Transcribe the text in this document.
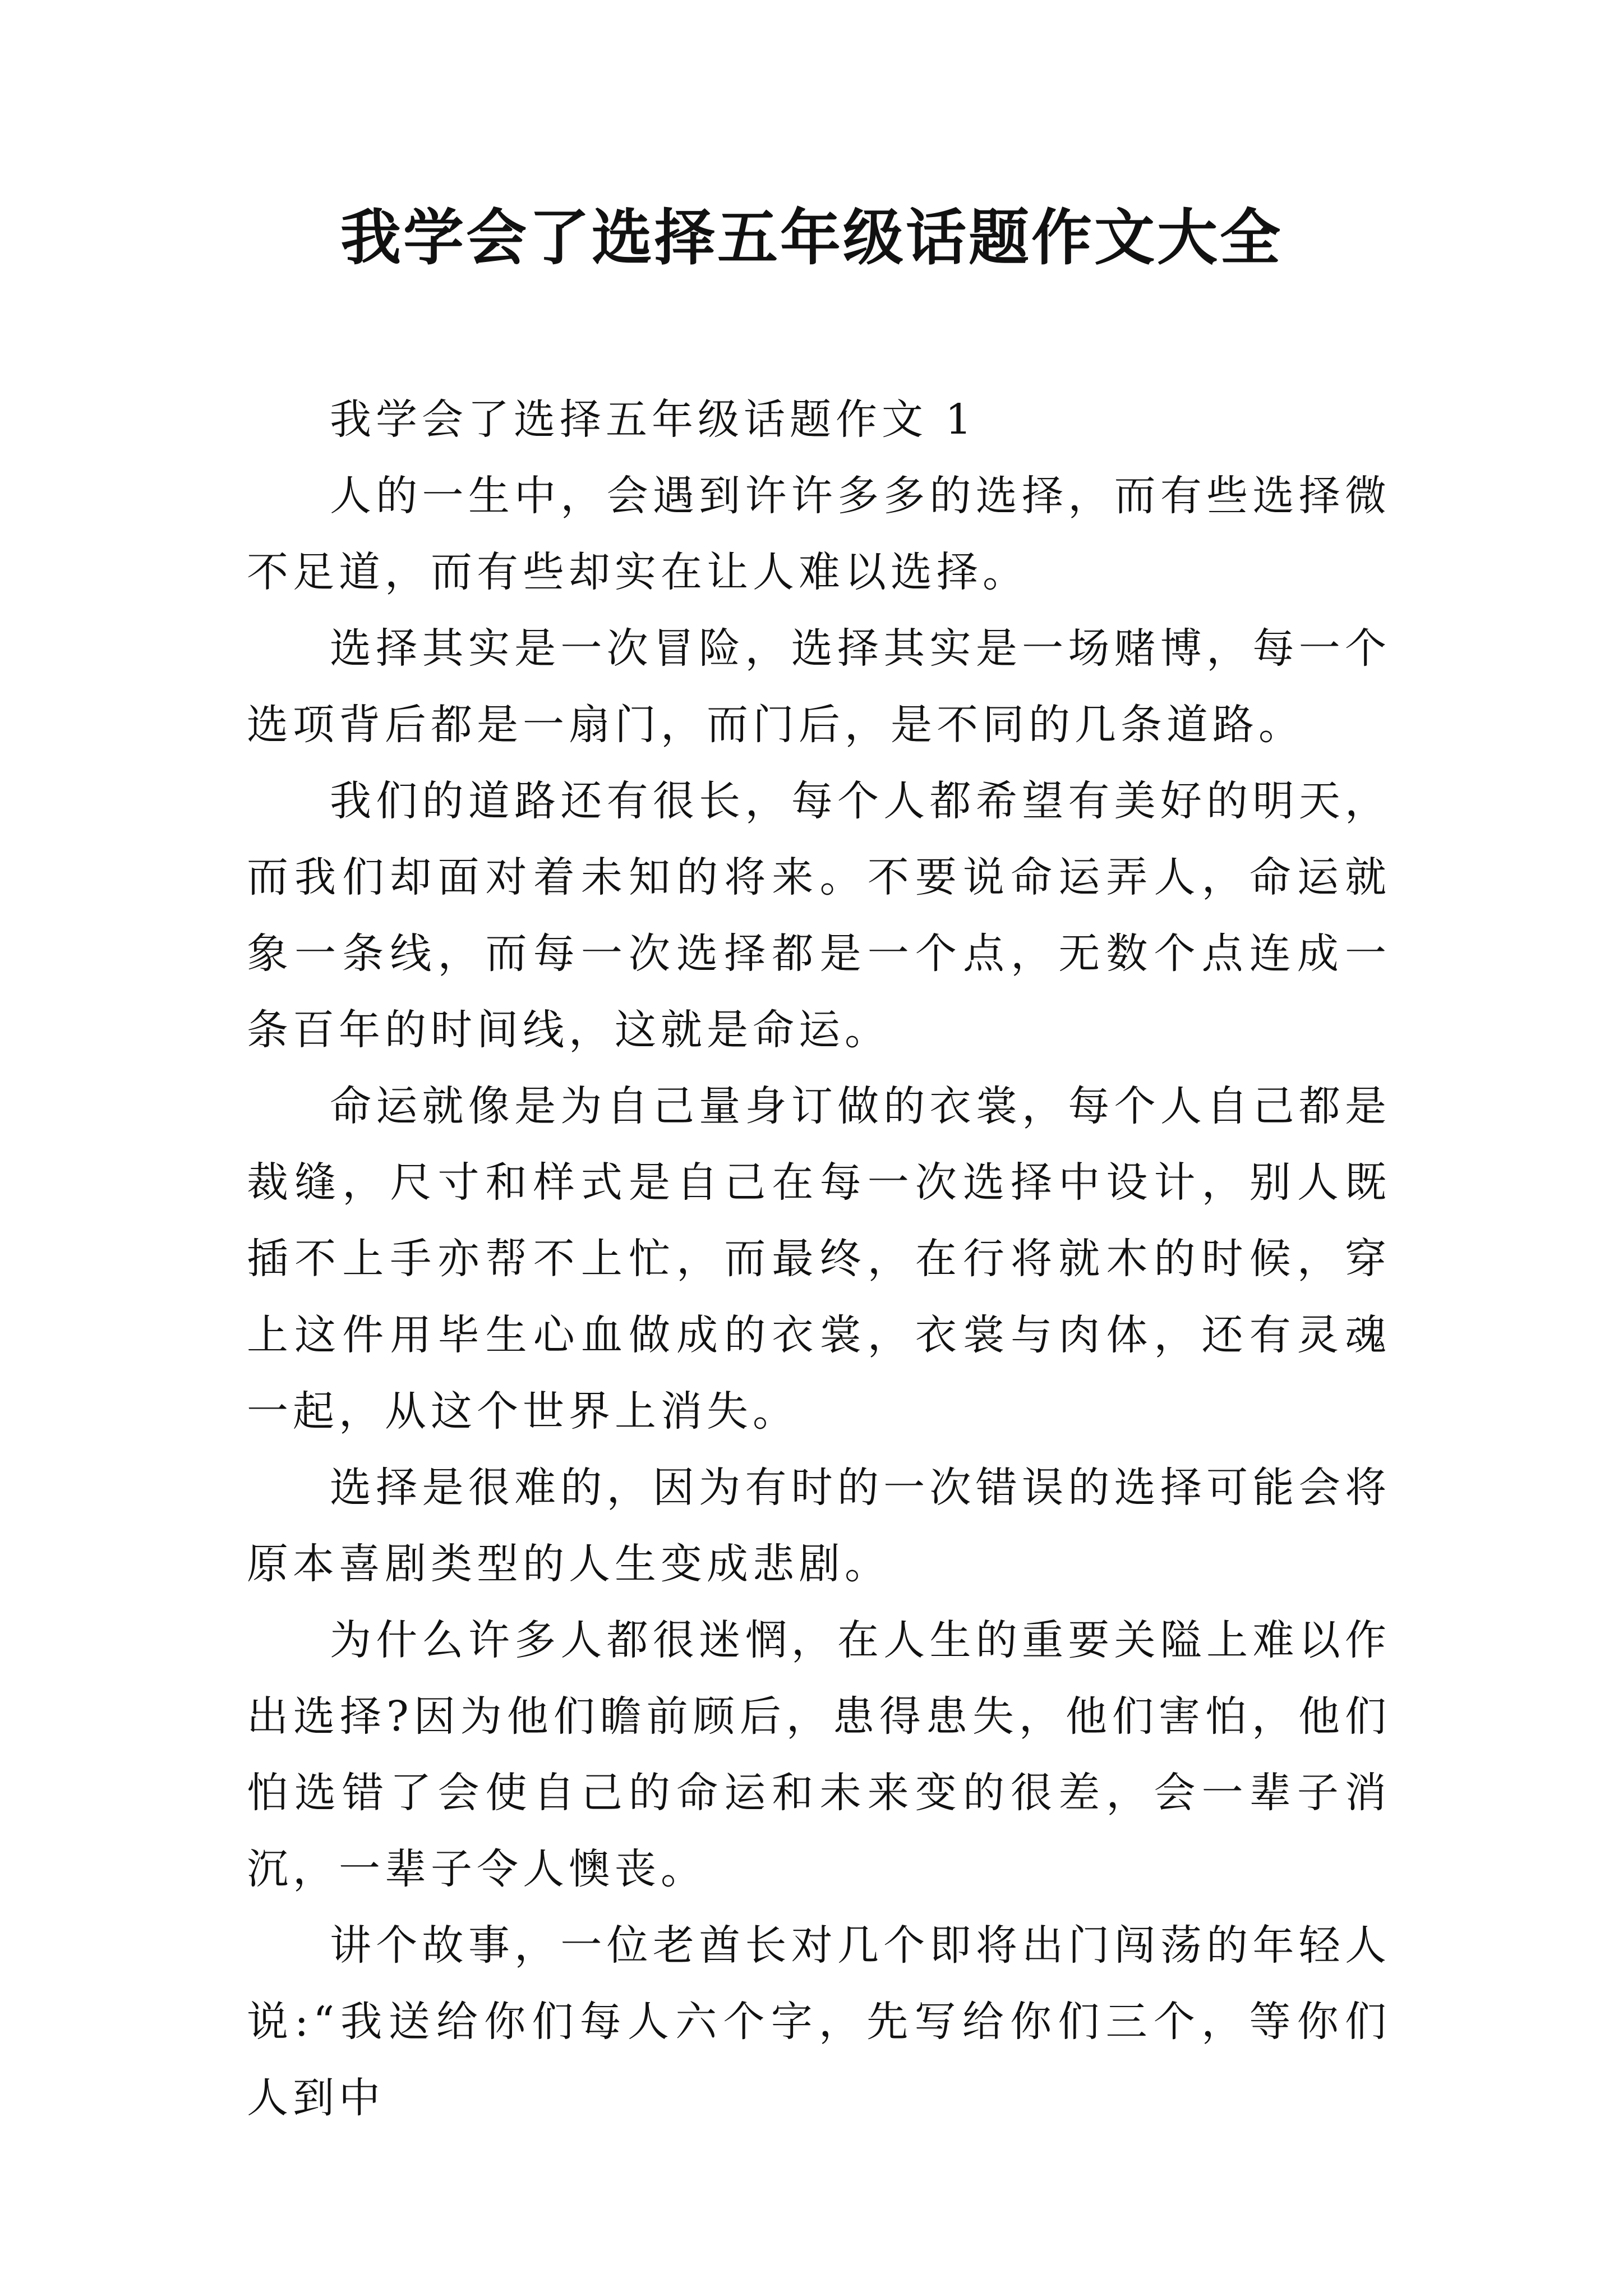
我学会了选择五年级话题作文大全
我学会了选择五年级话题作文 1

人的一生中，会遇到许许多多的选择，而有些选择微不足道，而有些却实在让人难以选择。

选择其实是一次冒险，选择其实是一场赌博，每一个选项背后都是一扇门，而门后，是不同的几条道路。

我们的道路还有很长，每个人都希望有美好的明天，而我们却面对着未知的将来。不要说命运弄人，命运就象一条线，而每一次选择都是一个点，无数个点连成一条百年的时间线，这就是命运。

命运就像是为自己量身订做的衣裳，每个人自己都是裁缝，尺寸和样式是自己在每一次选择中设计，别人既插不上手亦帮不上忙，而最终，在行将就木的时候，穿上这件用毕生心血做成的衣裳，衣裳与肉体，还有灵魂一起，从这个世界上消失。

选择是很难的，因为有时的一次错误的选择可能会将原本喜剧类型的人生变成悲剧。

为什么许多人都很迷惘，在人生的重要关隘上难以作出选择?因为他们瞻前顾后，患得患失，他们害怕，他们怕选错了会使自己的命运和未来变的很差，会一辈子消沉，一辈子令人懊丧。

讲个故事，一位老酋长对几个即将出门闯荡的年轻人说:“我送给你们每人六个字，先写给你们三个，等你们人到中
